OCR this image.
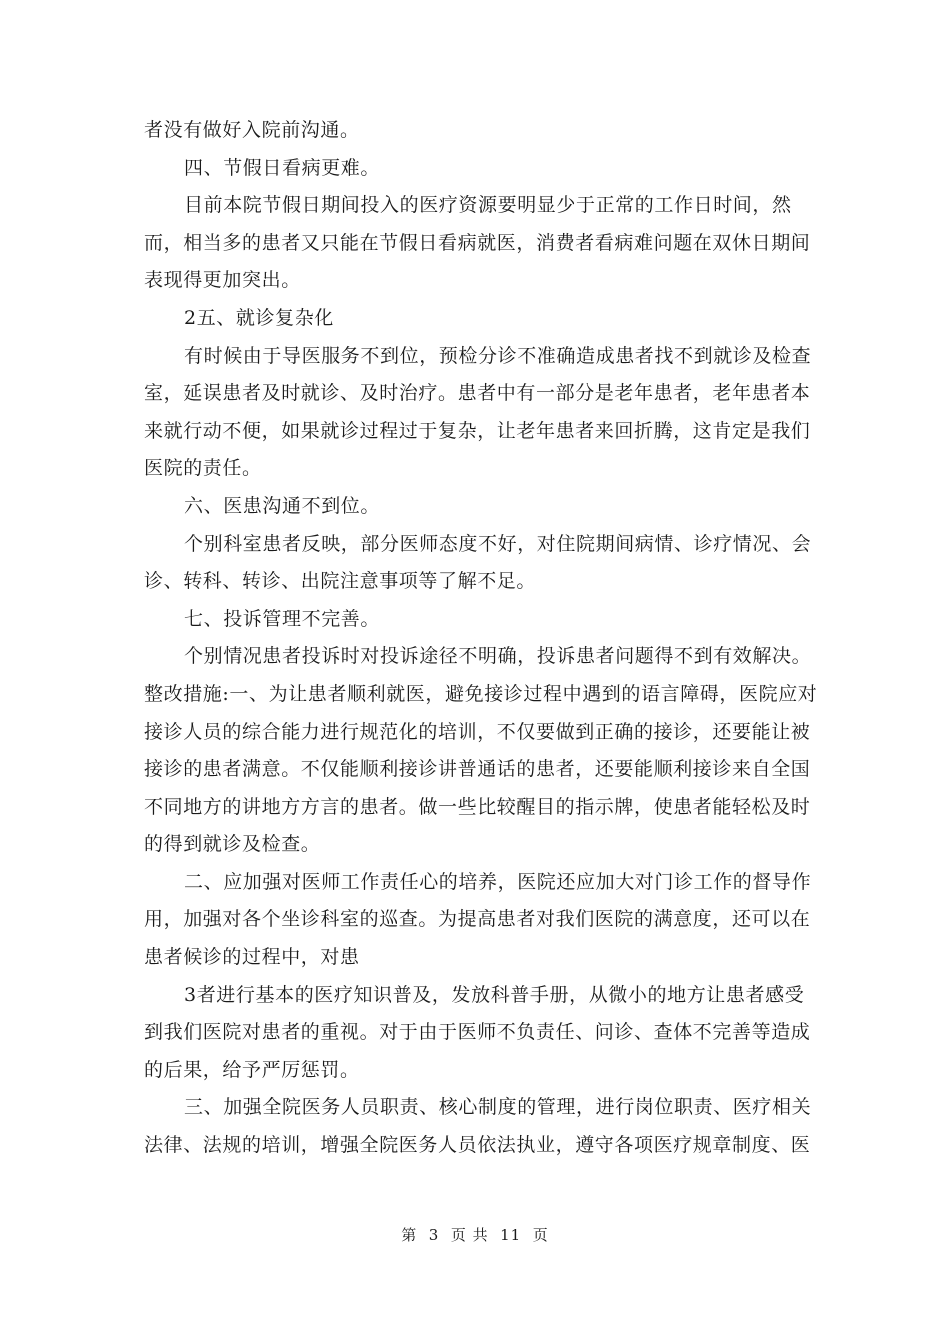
者没有做好入院前沟通。
四、节假日看病更难。
目前本院节假日期间投入的医疗资源要明显少于正常的工作日时间，然
而，相当多的患者又只能在节假日看病就医，消费者看病难问题在双休日期间
表现得更加突出。
2五、就诊复杂化
有时候由于导医服务不到位，预检分诊不准确造成患者找不到就诊及检查
室，延误患者及时就诊、及时治疗。患者中有一部分是老年患者，老年患者本
来就行动不便，如果就诊过程过于复杂，让老年患者来回折腾，这肯定是我们
医院的责任。
六、医患沟通不到位。
个别科室患者反映，部分医师态度不好，对住院期间病情、诊疗情况、会
诊、转科、转诊、出院注意事项等了解不足。
七、投诉管理不完善。
个别情况患者投诉时对投诉途径不明确，投诉患者问题得不到有效解决。
整改措施:一、为让患者顺利就医，避免接诊过程中遇到的语言障碍，医院应对
接诊人员的综合能力进行规范化的培训，不仅要做到正确的接诊，还要能让被
接诊的患者满意。不仅能顺利接诊讲普通话的患者，还要能顺利接诊来自全国
不同地方的讲地方方言的患者。做一些比较醒目的指示牌，使患者能轻松及时
的得到就诊及检查。
二、应加强对医师工作责任心的培养，医院还应加大对门诊工作的督导作
用，加强对各个坐诊科室的巡查。为提高患者对我们医院的满意度，还可以在
患者候诊的过程中，对患
3者进行基本的医疗知识普及，发放科普手册，从微小的地方让患者感受
到我们医院对患者的重视。对于由于医师不负责任、问诊、查体不完善等造成
的后果，给予严厉惩罚。
三、加强全院医务人员职责、核心制度的管理，进行岗位职责、医疗相关
法律、法规的培训，增强全院医务人员依法执业，遵守各项医疗规章制度、医
第  3  页 共  11  页
